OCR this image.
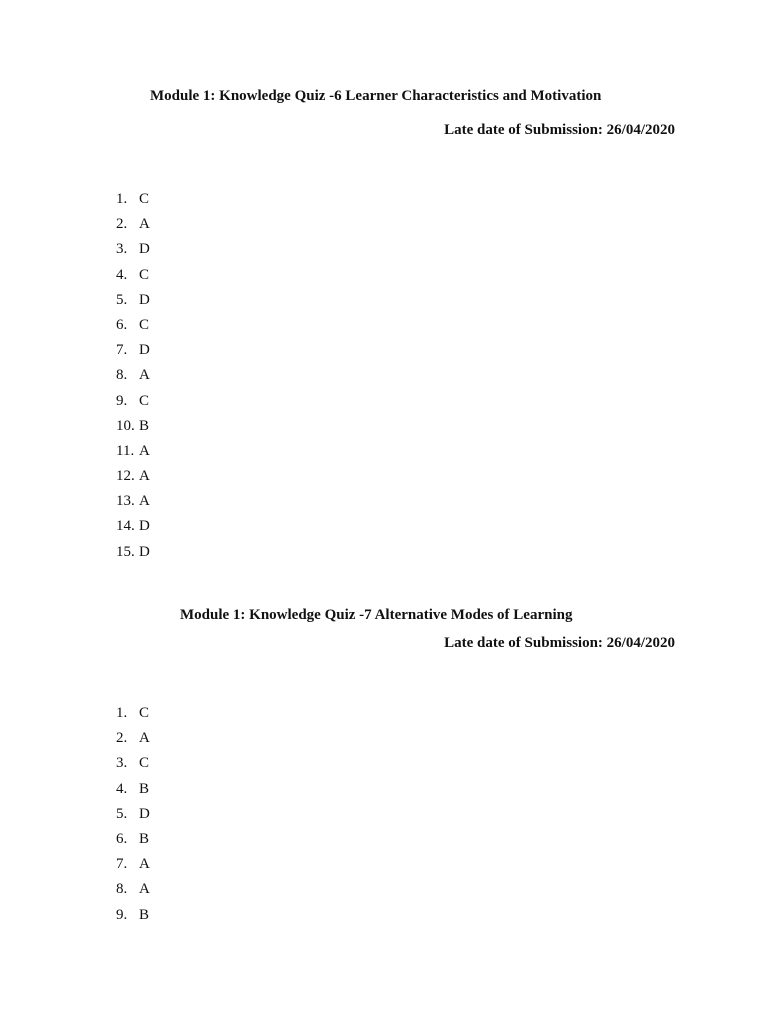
Module 1: Knowledge Quiz -6 Learner Characteristics and Motivation
Late date of Submission: 26/04/2020
1. C
2. A
3. D
4. C
5. D
6. C
7. D
8. A
9. C
10. B
11. A
12. A
13. A
14. D
15. D
Module 1: Knowledge Quiz -7 Alternative Modes of Learning
Late date of Submission: 26/04/2020
1. C
2. A
3. C
4. B
5. D
6. B
7. A
8. A
9. B
